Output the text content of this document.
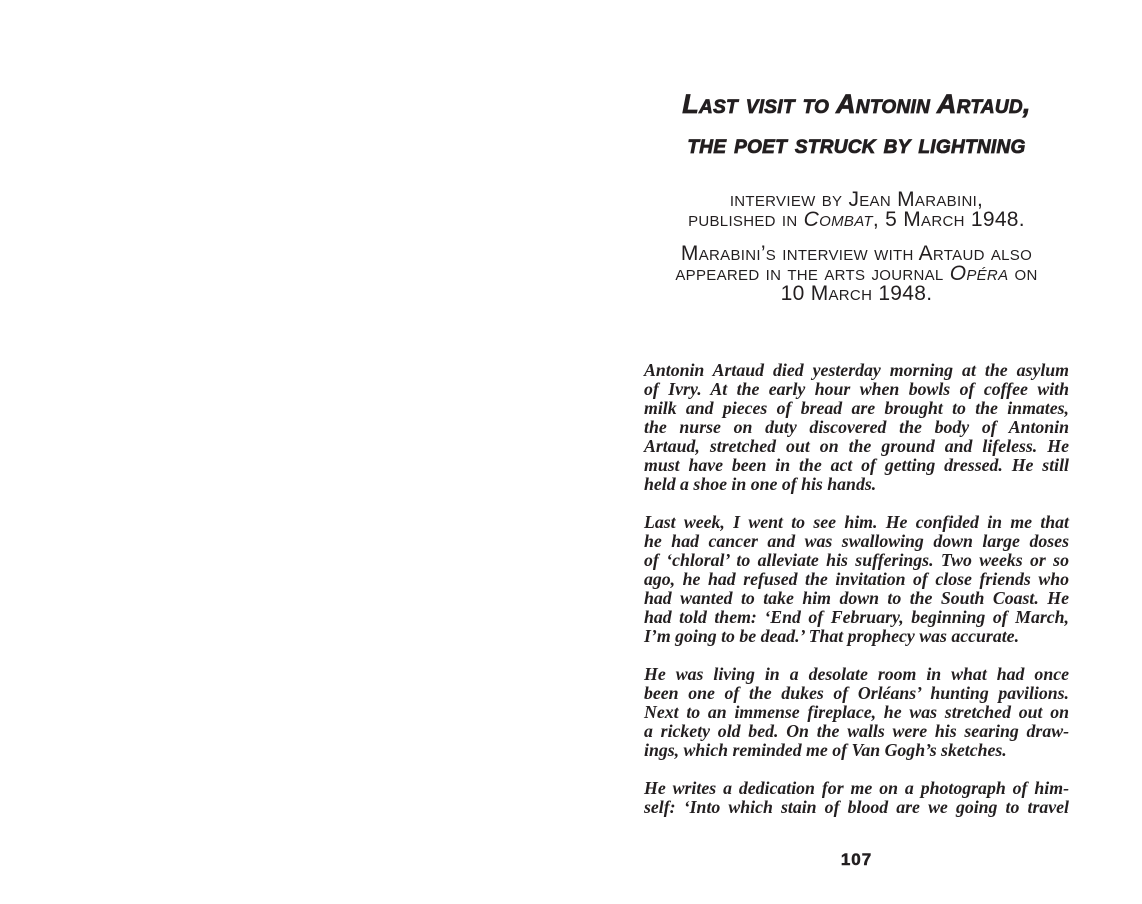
Last visit to Antonin Artaud,
the poet struck by lightning
interview by Jean Marabini,
published in Combat, 5 March 1948.
Marabini’s interview with Artaud also
appeared in the arts journal Opéra on
10 March 1948.
Antonin Artaud died yesterday morning at the asylum
of Ivry. At the early hour when bowls of coffee with
milk and pieces of bread are brought to the inmates,
the nurse on duty discovered the body of Antonin
Artaud, stretched out on the ground and lifeless. He
must have been in the act of getting dressed. He still
held a shoe in one of his hands.
Last week, I went to see him. He confided in me that
he had cancer and was swallowing down large doses
of ‘chloral’ to alleviate his sufferings. Two weeks or so
ago, he had refused the invitation of close friends who
had wanted to take him down to the South Coast. He
had told them: ‘End of February, beginning of March,
I’m going to be dead.’ That prophecy was accurate.
He was living in a desolate room in what had once
been one of the dukes of Orléans’ hunting pavilions.
Next to an immense fireplace, he was stretched out on
a rickety old bed. On the walls were his searing draw-
ings, which reminded me of Van Gogh’s sketches.
He writes a dedication for me on a photograph of him-
self: ‘Into which stain of blood are we going to travel
107
